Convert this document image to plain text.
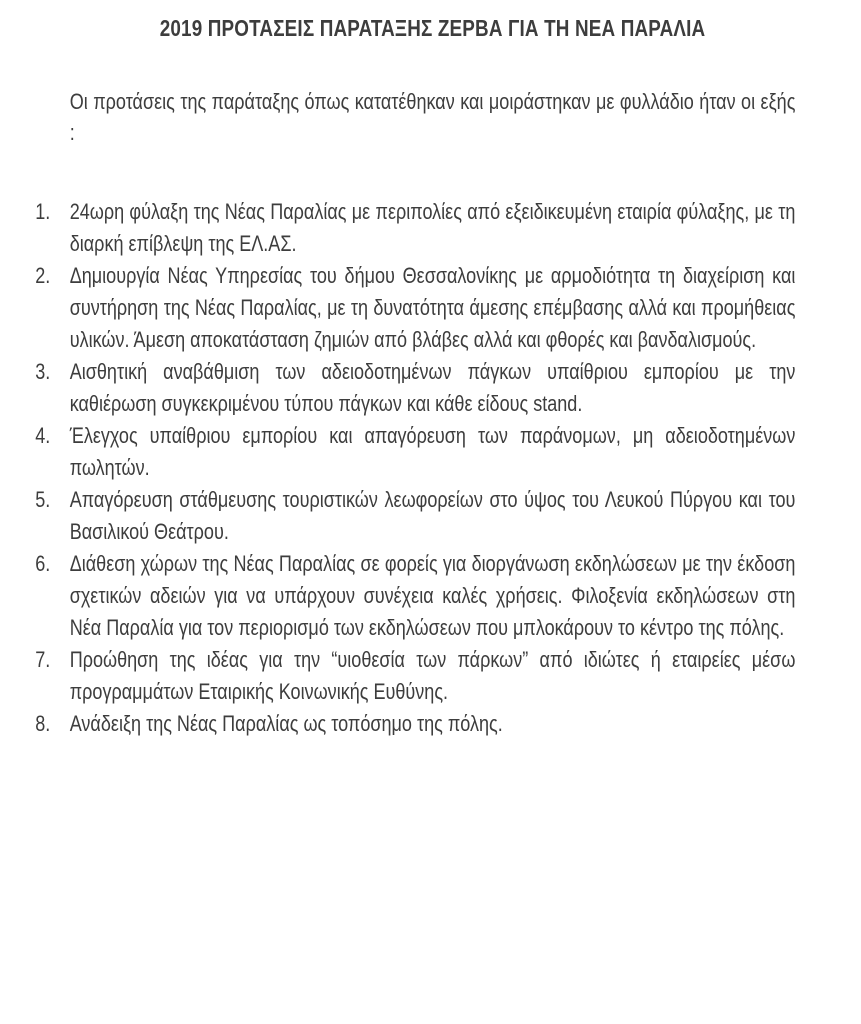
2019 ΠΡΟΤΑΣΕΙΣ ΠΑΡΑΤΑΞΗΣ ΖΕΡΒΑ ΓΙΑ ΤΗ ΝΕΑ ΠΑΡΑΛΙΑ

Οι προτάσεις της παράταξης όπως κατατέθηκαν και μοιράστηκαν με φυλλάδιο ήταν οι εξής :

1. 24ωρη φύλαξη της Νέας Παραλίας με περιπολίες από εξειδικευμένη εταιρία φύλαξης, με τη διαρκή επίβλεψη της ΕΛ.ΑΣ.
2. Δημιουργία Νέας Υπηρεσίας του δήμου Θεσσαλονίκης με αρμοδιότητα τη διαχείριση και συντήρηση της Νέας Παραλίας, με τη δυνατότητα άμεσης επέμβασης αλλά και προμήθειας υλικών. Άμεση αποκατάσταση ζημιών από βλάβες αλλά και φθορές και βανδαλισμούς.
3. Αισθητική αναβάθμιση των αδειοδοτημένων πάγκων υπαίθριου εμπορίου με την καθιέρωση συγκεκριμένου τύπου πάγκων και κάθε είδους stand.
4. Έλεγχος υπαίθριου εμπορίου και απαγόρευση των παράνομων, μη αδειοδοτημένων πωλητών.
5. Απαγόρευση στάθμευσης τουριστικών λεωφορείων στο ύψος του Λευκού Πύργου και του Βασιλικού Θεάτρου.
6. Διάθεση χώρων της Νέας Παραλίας σε φορείς για διοργάνωση εκδηλώσεων με την έκδοση σχετικών αδειών για να υπάρχουν συνέχεια καλές χρήσεις. Φιλοξενία εκδηλώσεων στη Νέα Παραλία για τον περιορισμό των εκδηλώσεων που μπλοκάρουν το κέντρο της πόλης.
7. Προώθηση της ιδέας για την “υιοθεσία των πάρκων” από ιδιώτες ή εταιρείες μέσω προγραμμάτων Εταιρικής Κοινωνικής Ευθύνης.
8. Ανάδειξη της Νέας Παραλίας ως τοπόσημο της πόλης.
